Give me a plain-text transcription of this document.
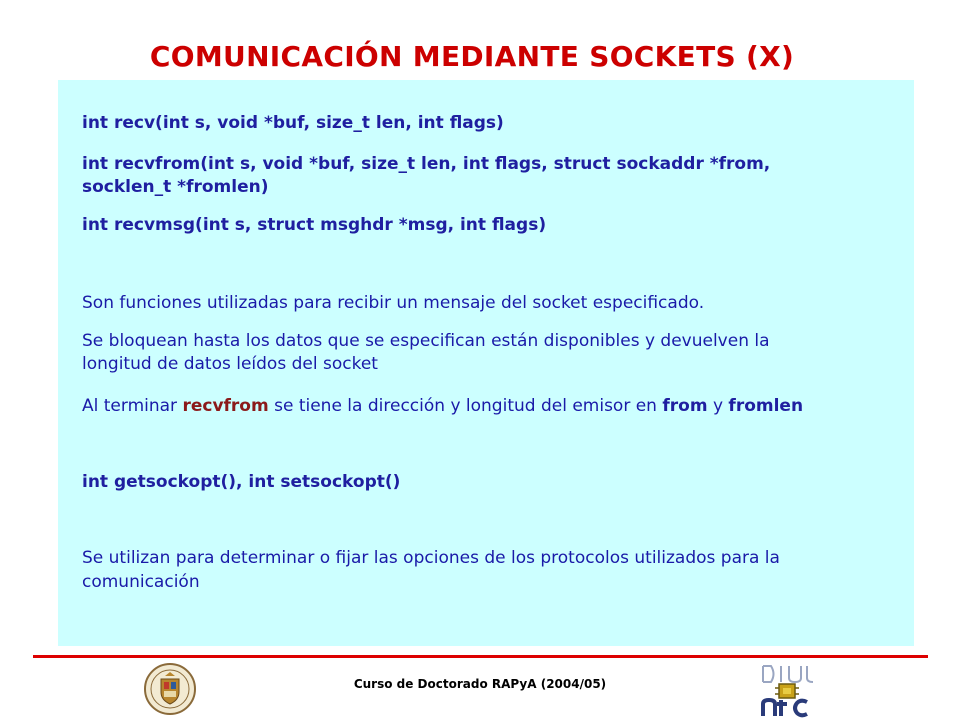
COMUNICACIÓN MEDIANTE SOCKETS (X)
int recv(int s, void *buf, size_t len, int flags)
int recvfrom(int s, void *buf, size_t len, int flags, struct sockaddr *from,
socklen_t *fromlen)
int recvmsg(int s, struct msghdr *msg, int flags)
Son funciones utilizadas para recibir un mensaje del socket especificado.
Se bloquean hasta los datos que se especifican están disponibles y devuelven la
longitud de datos leídos del socket
Al terminar recvfrom se tiene la dirección y longitud del emisor en from y fromlen
int getsockopt(), int setsockopt()
Se utilizan para determinar o fijar las opciones de los protocolos utilizados para la
comunicación
Curso de Doctorado RAPyA (2004/05)
